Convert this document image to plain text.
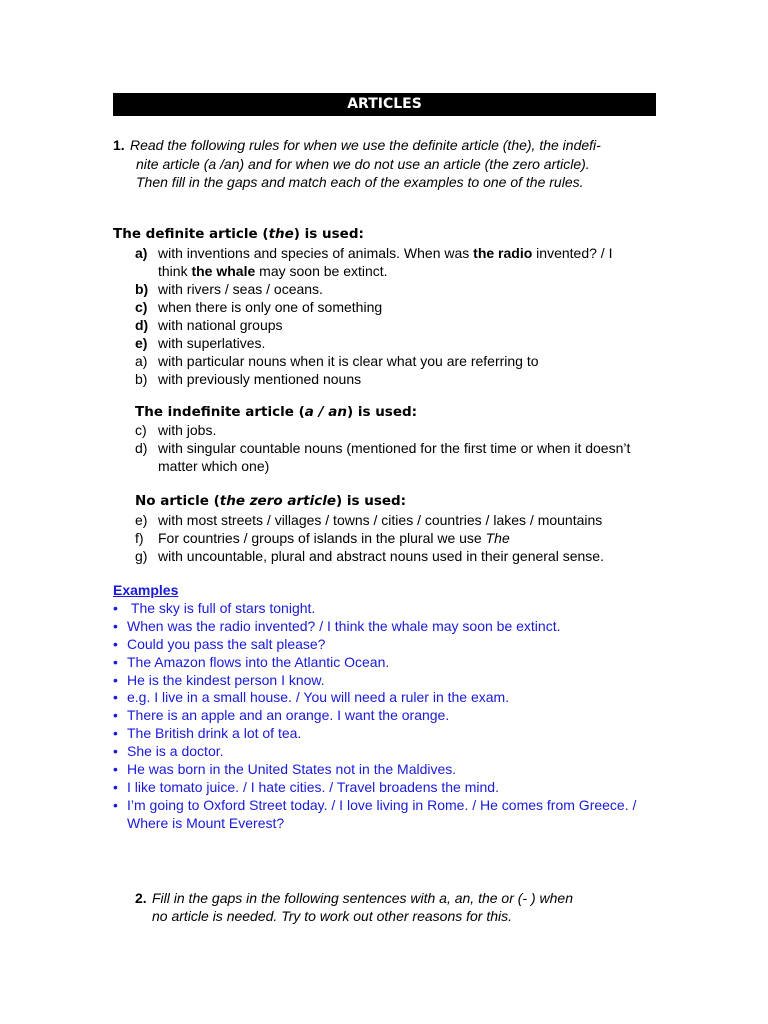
ARTICLES
1. Read the following rules for when we use the definite article (the), the indefi-
nite article (a /an) and for when we do not use an article (the zero article).
Then fill in the gaps and match each of the examples to one of the rules.
The definite article (the) is used:
a) with inventions and species of animals. When was the radio invented? / I
think the whale may soon be extinct.
b) with rivers / seas / oceans.
c) when there is only one of something
d) with national groups
e) with superlatives.
a) with particular nouns when it is clear what you are referring to
b) with previously mentioned nouns
The indefinite article (a / an) is used:
c) with jobs.
d) with singular countable nouns (mentioned for the first time or when it doesn’t matter which one)
No article (the zero article) is used:
e) with most streets / villages / towns / cities / countries / lakes / mountains
f) For countries / groups of islands in the plural we use The
g) with uncountable, plural and abstract nouns used in their general sense.
Examples
• The sky is full of stars tonight.
• When was the radio invented? / I think the whale may soon be extinct.
• Could you pass the salt please?
• The Amazon flows into the Atlantic Ocean.
• He is the kindest person I know.
• e.g. I live in a small house. / You will need a ruler in the exam.
• There is an apple and an orange. I want the orange.
• The British drink a lot of tea.
• She is a doctor.
• He was born in the United States not in the Maldives.
• I like tomato juice. / I hate cities. / Travel broadens the mind.
• I’m going to Oxford Street today. / I love living in Rome. / He comes from Greece. / Where is Mount Everest?
2. Fill in the gaps in the following sentences with a, an, the or (- ) when
no article is needed. Try to work out other reasons for this.
